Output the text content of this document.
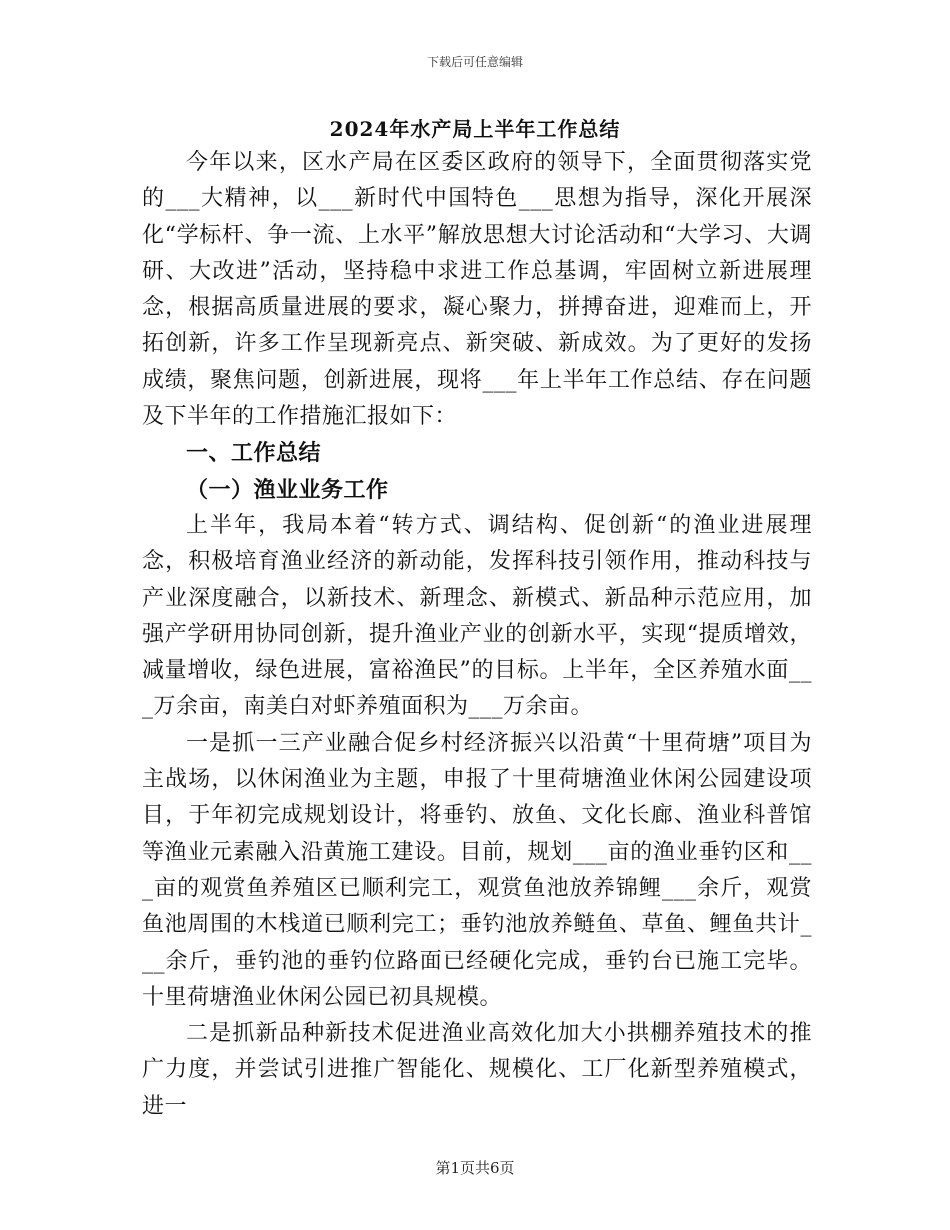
下载后可任意编辑
2024年水产局上半年工作总结

今年以来，区水产局在区委区政府的领导下，全面贯彻落实党的___大精神，以___新时代中国特色___思想为指导，深化开展深化“学标杆、争一流、上水平”解放思想大讨论活动和“大学习、大调研、大改进”活动，坚持稳中求进工作总基调，牢固树立新进展理念，根据高质量进展的要求，凝心聚力，拼搏奋进，迎难而上，开拓创新，许多工作呈现新亮点、新突破、新成效。为了更好的发扬成绩，聚焦问题，创新进展，现将___年上半年工作总结、存在问题及下半年的工作措施汇报如下：

一、工作总结

（一）渔业业务工作

上半年，我局本着“转方式、调结构、促创新“的渔业进展理念，积极培育渔业经济的新动能，发挥科技引领作用，推动科技与产业深度融合，以新技术、新理念、新模式、新品种示范应用，加强产学研用协同创新，提升渔业产业的创新水平，实现“提质增效，减量增收，绿色进展，富裕渔民”的目标。上半年，全区养殖水面___万余亩，南美白对虾养殖面积为___万余亩。

一是抓一三产业融合促乡村经济振兴以沿黄“十里荷塘”项目为主战场，以休闲渔业为主题，申报了十里荷塘渔业休闲公园建设项目，于年初完成规划设计，将垂钓、放鱼、文化长廊、渔业科普馆等渔业元素融入沿黄施工建设。目前，规划___亩的渔业垂钓区和___亩的观赏鱼养殖区已顺利完工，观赏鱼池放养锦鲤___余斤，观赏鱼池周围的木栈道已顺利完工；垂钓池放养鲢鱼、草鱼、鲤鱼共计___余斤，垂钓池的垂钓位路面已经硬化完成，垂钓台已施工完毕。十里荷塘渔业休闲公园已初具规模。

二是抓新品种新技术促进渔业高效化加大小拱棚养殖技术的推广力度，并尝试引进推广智能化、规模化、工厂化新型养殖模式，进一

第1页共6页
